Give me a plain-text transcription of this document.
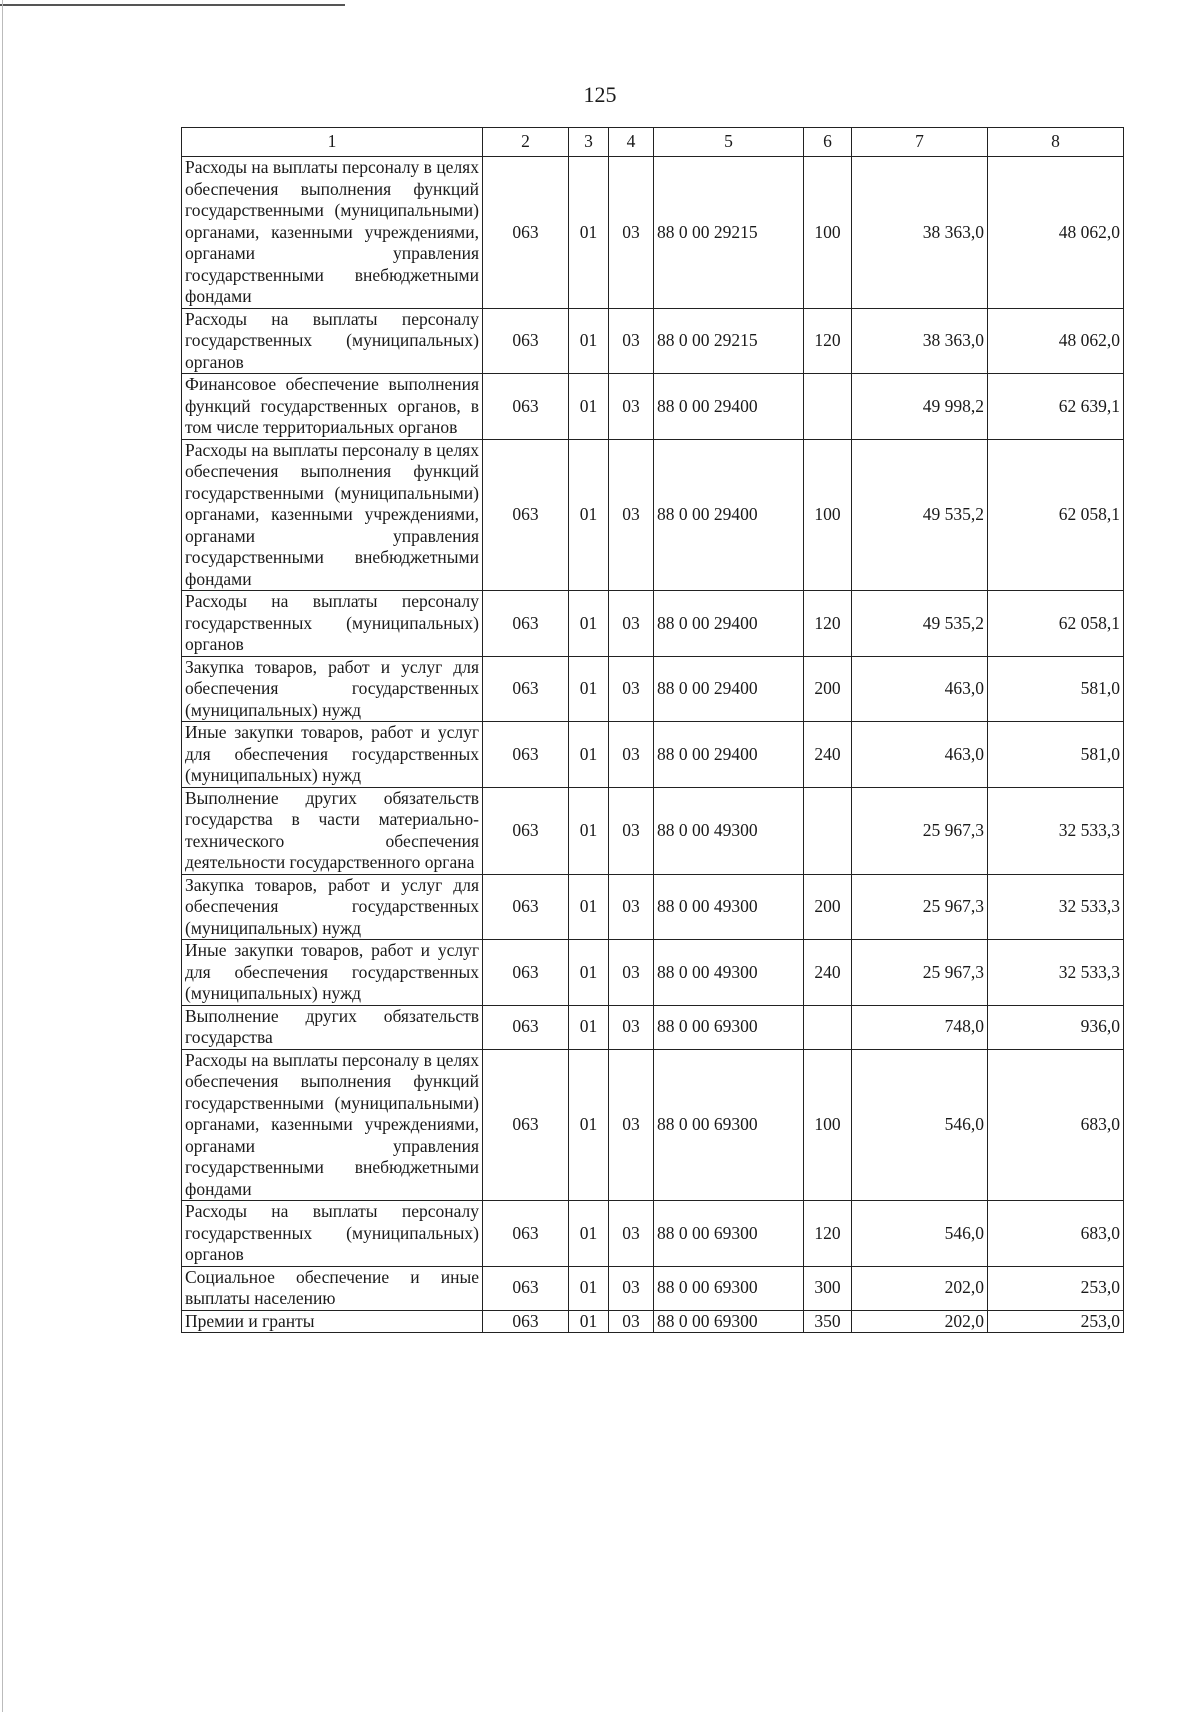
125
1	2	3	4	5	6	7	8
Расходы на выплаты персоналу в целях обеспечения выполнения функций государственными (муниципальными) органами, казенными учреждениями, органами управления государственными внебюджетными фондами	063	01	03	88 0 00 29215	100	38 363,0	48 062,0
Расходы на выплаты персоналу государственных (муниципальных) органов	063	01	03	88 0 00 29215	120	38 363,0	48 062,0
Финансовое обеспечение выполнения функций государственных органов, в том числе территориальных органов	063	01	03	88 0 00 29400		49 998,2	62 639,1
Расходы на выплаты персоналу в целях обеспечения выполнения функций государственными (муниципальными) органами, казенными учреждениями, органами управления государственными внебюджетными фондами	063	01	03	88 0 00 29400	100	49 535,2	62 058,1
Расходы на выплаты персоналу государственных (муниципальных) органов	063	01	03	88 0 00 29400	120	49 535,2	62 058,1
Закупка товаров, работ и услуг для обеспечения государственных (муниципальных) нужд	063	01	03	88 0 00 29400	200	463,0	581,0
Иные закупки товаров, работ и услуг для обеспечения государственных (муниципальных) нужд	063	01	03	88 0 00 29400	240	463,0	581,0
Выполнение других обязательств государства в части материально-технического обеспечения деятельности государственного органа	063	01	03	88 0 00 49300		25 967,3	32 533,3
Закупка товаров, работ и услуг для обеспечения государственных (муниципальных) нужд	063	01	03	88 0 00 49300	200	25 967,3	32 533,3
Иные закупки товаров, работ и услуг для обеспечения государственных (муниципальных) нужд	063	01	03	88 0 00 49300	240	25 967,3	32 533,3
Выполнение других обязательств государства	063	01	03	88 0 00 69300		748,0	936,0
Расходы на выплаты персоналу в целях обеспечения выполнения функций государственными (муниципальными) органами, казенными учреждениями, органами управления государственными внебюджетными фондами	063	01	03	88 0 00 69300	100	546,0	683,0
Расходы на выплаты персоналу государственных (муниципальных) органов	063	01	03	88 0 00 69300	120	546,0	683,0
Социальное обеспечение и иные выплаты населению	063	01	03	88 0 00 69300	300	202,0	253,0
Премии и гранты	063	01	03	88 0 00 69300	350	202,0	253,0
